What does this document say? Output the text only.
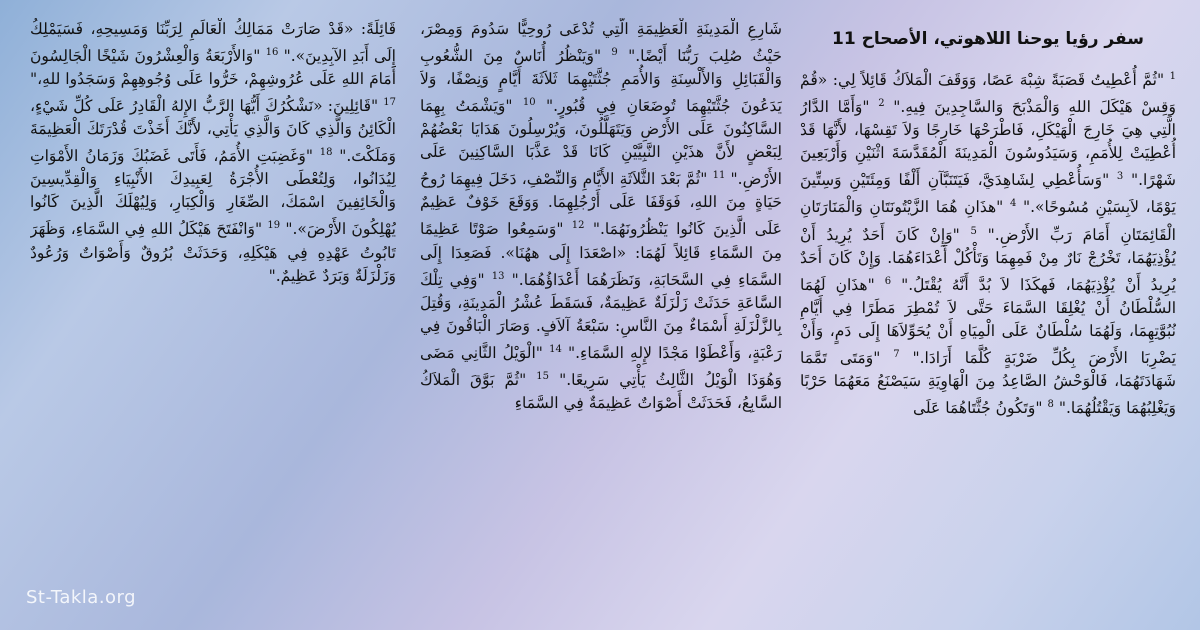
سفر رؤيا يوحنا اللاهوتي، الأصحاح 11
$^1$ "ثُمَّ أُعْطِيتُ قَصَبَةً شِبْهَ عَصًا، وَوَقَفَ الْمَلاَكُ قَائِلاً لِي: «قُمْ وَقِسْ هَيْكَلَ اللهِ وَالْمَذْبَحَ وَالسَّاجِدِينَ فِيهِ." $^2$ "وَأَمَّا الدَّارُ الَّتِي هِيَ خَارِجَ الْهَيْكَلِ، فَاطْرَحْهَا خَارِجًا وَلاَ تَقِسْهَا، لأَنَّهَا قَدْ أُعْطِيَتْ لِلأُمَمِ، وَسَيَدُوسُونَ الْمَدِينَةَ الْمُقَدَّسَةَ اثْنَيْنِ وَأَرْبَعِينَ شَهْرًا." $^3$ "وَسَأُعْطِي لِشَاهِدَيَّ، فَيَتَنَبَّآنِ أَلْفًا وَمِئَتَيْنِ وَسِتِّينَ يَوْمًا، لاَبِسَيْنِ مُسُوحًا»." $^4$ "هذَانِ هُمَا الزَّيْتُونَتَانِ وَالْمَنَارَتَانِ الْقَائِمَتَانِ أَمَامَ رَبِّ الأَرْضِ." $^5$ "وَإِنْ كَانَ أَحَدٌ يُرِيدُ أَنْ يُؤْذِيَهُمَا، تَخْرُجْ نَارٌ مِنْ فَمِهِمَا وَتَأْكُلْ أَعْدَاءَهُمَا. وَإِنْ كَانَ أَحَدٌ يُرِيدُ أَنْ يُؤْذِيَهُمَا، فَهكَذَا لاَ بُدَّ أَنَّهُ يُقْتَلُ." $^6$ "هذَانِ لَهُمَا السُّلْطَانُ أَنْ يُغْلِقَا السَّمَاءَ حَتَّى لاَ تُمْطِرَ مَطَرًا فِي أَيَّامِ نُبُوَّتِهِمَا، وَلَهُمَا سُلْطَانٌ عَلَى الْمِيَاهِ أَنْ يُحَوِّلاَهَا إِلَى دَمٍ، وَأَنْ يَضْرِبَا الأَرْضَ بِكُلِّ ضَرْبَةٍ كُلَّمَا أَرَادَا." $^7$ "وَمَتَى تَمَّمَا شَهَادَتَهُمَا، فَالْوَحْشُ الصَّاعِدُ مِنَ الْهَاوِيَةِ سَيَصْنَعُ مَعَهُمَا حَرْبًا وَيَغْلِبُهُمَا وَيَقْتُلُهُمَا." $^8$ "وَتَكُونُ جُثَّتَاهُمَا عَلَى
شَارِعِ الْمَدِينَةِ الْعَظِيمَةِ الَّتِي تُدْعَى رُوحِيًّا سَدُومَ وَمِصْرَ، حَيْثُ صُلِبَ رَبُّنَا أَيْضًا." $^9$ "وَيَنْظُرُ أُنَاسٌ مِنَ الشُّعُوبِ وَالْقَبَائِلِ وَالأَلْسِنَةِ وَالأُمَمِ جُثَّتَيْهِمَا ثَلاَثَةَ أَيَّامٍ وَنِصْفًا، وَلاَ يَدَعُونَ جُثَّتَيْهِمَا تُوضَعَانِ فِي قُبُورٍ." $^{10}$ "وَيَشْمَتُ بِهِمَا السَّاكِنُونَ عَلَى الأَرْضِ وَيَتَهَلَّلُونَ، وَيُرْسِلُونَ هَدَايَا بَعْضُهُمْ لِبَعْضٍ لأَنَّ هذَيْنِ النَّبِيَّيْنِ كَانَا قَدْ عَذَّبَا السَّاكِنِينَ عَلَى الأَرْضِ." $^{11}$ "ثُمَّ بَعْدَ الثَّلاَثَةِ الأَيَّامِ وَالنِّصْفِ، دَخَلَ فِيهِمَا رُوحُ حَيَاةٍ مِنَ اللهِ، فَوَقَفَا عَلَى أَرْجُلِهِمَا. وَوَقَعَ خَوْفٌ عَظِيمٌ عَلَى الَّذِينَ كَانُوا يَنْظُرُونَهُمَا." $^{12}$ "وَسَمِعُوا صَوْتًا عَظِيمًا مِنَ السَّمَاءِ قَائِلاً لَهُمَا: «اصْعَدَا إِلَى ههُنَا». فَصَعِدَا إِلَى السَّمَاءِ فِي السَّحَابَةِ، وَنَظَرَهُمَا أَعْدَاؤُهُمَا." $^{13}$ "وَفِي تِلْكَ السَّاعَةِ حَدَثَتْ زَلْزَلَةٌ عَظِيمَةٌ، فَسَقَطَ عُشْرُ الْمَدِينَةِ، وَقُتِلَ بِالزَّلْزَلَةِ أَسْمَاءٌ مِنَ النَّاسِ: سَبْعَةُ آلاَفٍ. وَصَارَ الْبَاقُونَ فِي رَعْبَةٍ، وَأَعْطَوْا مَجْدًا لإِلهِ السَّمَاءِ." $^{14}$ "الْوَيْلُ الثَّانِي مَضَى وَهُوَذَا الْوَيْلُ الثَّالِثُ يَأْتِي سَرِيعًا." $^{15}$ "ثُمَّ بَوَّقَ الْمَلاَكُ السَّابِعُ، فَحَدَثَتْ أَصْوَاتٌ عَظِيمَةٌ فِي السَّمَاءِ
قَائِلَةً: «قَدْ صَارَتْ مَمَالِكُ الْعَالَمِ لِرَبِّنَا وَمَسِيحِهِ، فَسَيَمْلِكُ إِلَى أَبَدِ الآبِدِينَ»." $^{16}$ "وَالأَرْبَعَةُ وَالْعِشْرُونَ شَيْخًا الْجَالِسُونَ أَمَامَ اللهِ عَلَى عُرُوشِهِمْ، خَرُّوا عَلَى وُجُوهِهِمْ وَسَجَدُوا للهِ،" $^{17}$ "قَائِلِينَ: «نَشْكُرُكَ أَيُّهَا الرَّبُّ الإِلهُ الْقَادِرُ عَلَى كُلِّ شَيْءٍ، الْكَائِنُ وَالَّذِي كَانَ وَالَّذِي يَأْتِي، لأَنَّكَ أَخَذْتَ قُدْرَتَكَ الْعَظِيمَةَ وَمَلَكْتَ." $^{18}$ "وَغَضِبَتِ الأُمَمُ، فَأَتَى غَضَبُكَ وَزَمَانُ الأَمْوَاتِ لِيُدَانُوا، وَلِتُعْطَى الأُجْرَةُ لِعَبِيدِكَ الأَنْبِيَاءِ وَالْقِدِّيسِينَ وَالْخَائِفِينَ اسْمَكَ، الصِّغَارِ وَالْكِبَارِ، وَلِيُهْلَكَ الَّذِينَ كَانُوا يُهْلِكُونَ الأَرْضَ»." $^{19}$ "وَانْفَتَحَ هَيْكَلُ اللهِ فِي السَّمَاءِ، وَظَهَرَ تَابُوتُ عَهْدِهِ فِي هَيْكَلِهِ، وَحَدَثَتْ بُرُوقٌ وَأَصْوَاتٌ وَرُعُودٌ وَزَلْزَلَةٌ وَبَرَدٌ عَظِيمٌ."
St-Takla.org
